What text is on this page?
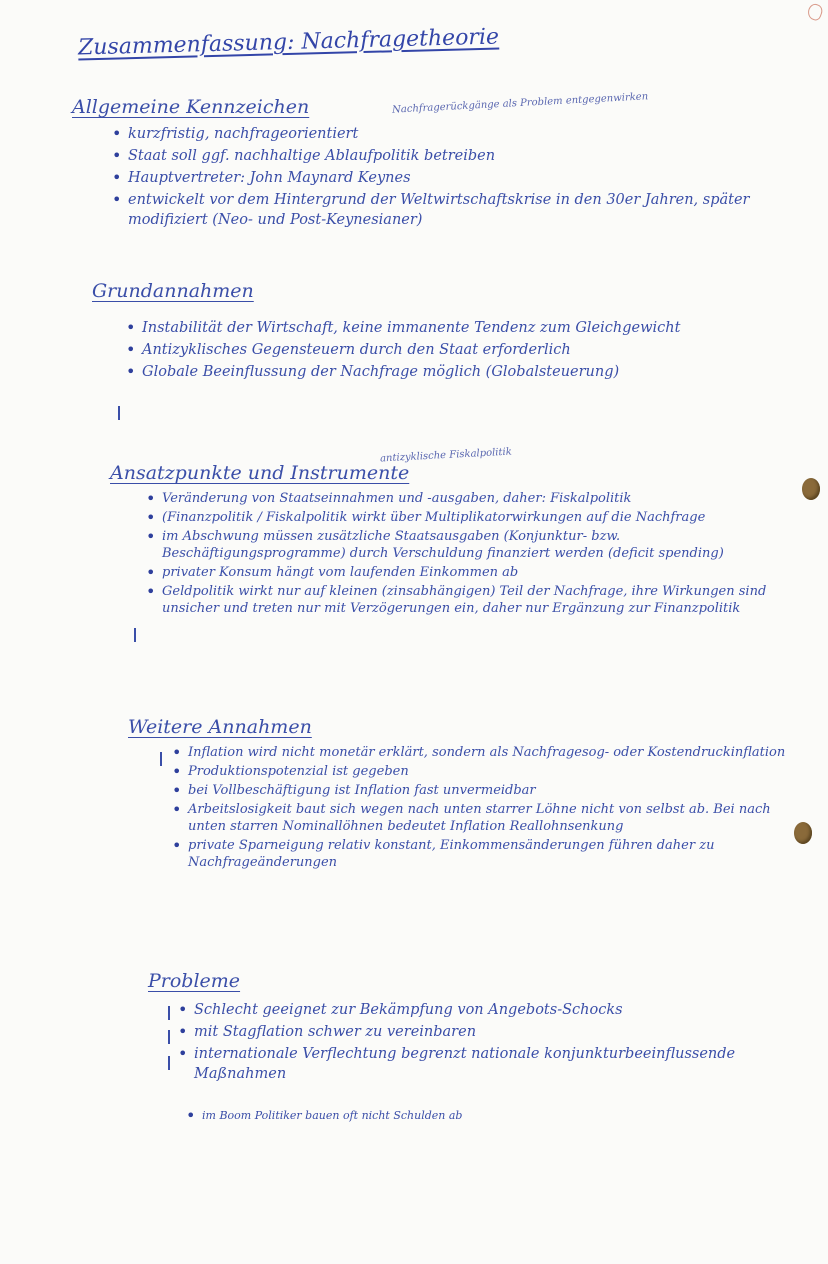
Zusammenfassung: Nachfragetheorie
Allgemeine Kennzeichen	Nachfragerückgänge als Problem entgegenwirken
• kurzfristig, nachfrageorientiert
• Staat soll ggf. nachhaltige Ablaufpolitik betreiben
• Hauptvertreter: John Maynard Keynes
• entwickelt vor dem Hintergrund der Weltwirtschaftskrise in den 30er Jahren, später modifiziert (Neo- und Post-Keynesianer)
Grundannahmen
• Instabilität der Wirtschaft, keine immanente Tendenz zum Gleichgewicht
• Antizyklisches Gegensteuern durch den Staat erforderlich
• Globale Beeinflussung der Nachfrage möglich (Globalsteuerung)
Ansatzpunkte und Instrumente
antizyklische Fiskalpolitik
• Veränderung von Staatseinnahmen und -ausgaben, daher: Fiskalpolitik
• (Finanzpolitik / Fiskalpolitik wirkt über Multiplikatorwirkungen auf die Nachfrage
• im Abschwung müssen zusätzliche Staatsausgaben (Konjunktur- bzw. Beschäftigungsprogramme) durch Verschuldung finanziert werden (deficit spending)
• privater Konsum hängt vom laufenden Einkommen ab
• Geldpolitik wirkt nur auf kleinen (zinsabhängigen) Teil der Nachfrage, ihre Wirkungen sind unsicher und treten nur mit Verzögerungen ein, daher nur Ergänzung zur Finanzpolitik
Weitere Annahmen
• Inflation wird nicht monetär erklärt, sondern als Nachfragesog- oder Kostendruckinflation
• Produktionspotenzial ist gegeben
• bei Vollbeschäftigung ist Inflation fast unvermeidbar
• Arbeitslosigkeit baut sich wegen nach unten starrer Löhne nicht von selbst ab. Bei nach unten starren Nominallöhnen bedeutet Inflation Reallohnsenkung
• private Sparneigung relativ konstant, Einkommensänderungen führen daher zu Nachfrageänderungen
Probleme
• Schlecht geeignet zur Bekämpfung von Angebots-Schocks
• mit Stagflation schwer zu vereinbaren
• internationale Verflechtung begrenzt nationale konjunkturbeeinflussende Maßnahmen
• im Boom Politiker bauen oft nicht Schulden ab
